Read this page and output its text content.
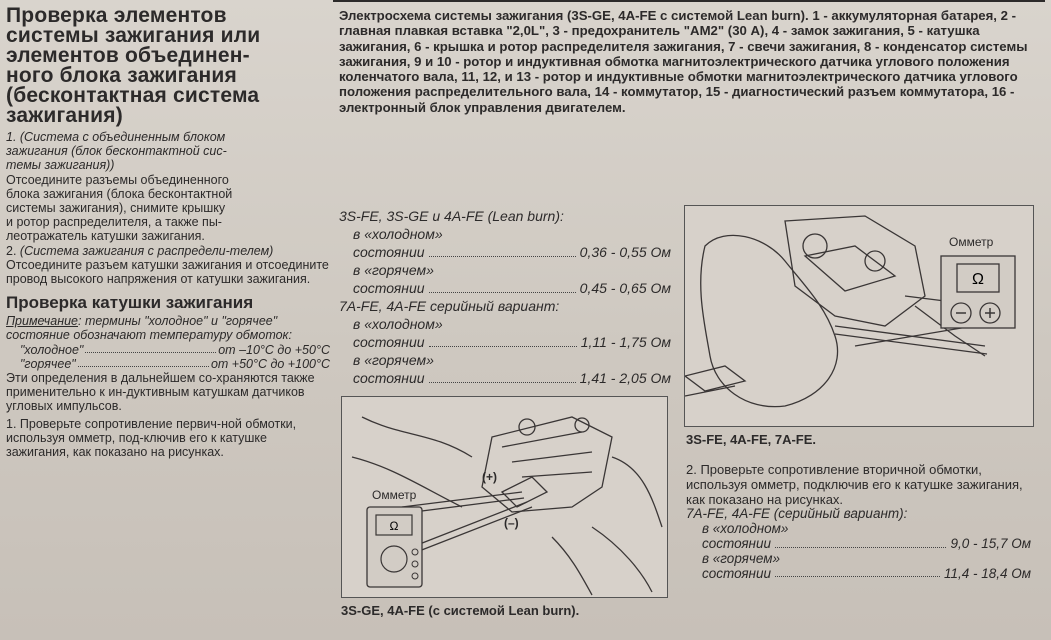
Проверка элементов
системы зажигания или
элементов объединен-
ного блока зажигания
(бесконтактная система
зажигания)
1. (Система с объединенным блоком
зажигания (блок бесконтактной сис-
темы зажигания))
Отсоедините разъемы объединенного
блока зажигания (блока бесконтактной
системы зажигания), снимите крышку
и ротор распределителя, а также пы-
леотражатель катушки зажигания.

2. (Система зажигания с распредели-телем) Отсоедините разъем катушки зажигания и отсоедините провод высокого напряжения от катушки зажигания.

Проверка катушки зажигания

Примечание: термины "холодное" и "горячее" состояние обозначают температуру обмоток:

"холодное"	от –10°С до +50°С
"горячее"	от +50°С до +100°С

Эти определения в дальнейшем со-храняются также применительно к ин-дуктивным катушкам датчиков угловых импульсов.

1. Проверьте сопротивление первич-ной обмотки, используя омметр, под-ключив его к катушке зажигания, как показано на рисунках.

Электросхема системы зажигания (3S-GE, 4А-FE с системой Lean burn). 1 - аккумуляторная батарея, 2 - главная плавкая вставка "2,0L", 3 - предохранитель "АМ2" (30 А), 4 - замок зажигания, 5 - катушка зажигания, 6 - крышка и ротор распределителя зажигания, 7 - свечи зажигания, 8 - конденсатор системы зажигания, 9 и 10 - ротор и индуктивная обмотка магнитоэлектрического датчика углового положения коленчатого вала, 11, 12, и 13 - ротор и индуктивные обмотки магнитоэлектрического датчика углового положения распределительного вала, 14 - коммутатор, 15 - диагностический разъем коммутатора, 16 - электронный блок управления двигателем.
3S-FE, 3S-GE и 4A-FE (Lean burn):
в «холодном»
состоянии	0,36 - 0,55 Ом
в «горячем»
состоянии	0,45 - 0,65 Ом
7A-FE, 4A-FE серийный вариант:
в «холодном»
состоянии	1,11 - 1,75 Ом
в «горячем»
состоянии	1,41 - 2,05 Ом
Ω
Омметр
(+)
(–)
3S-GE, 4A-FE (с системой Lean burn).
Ω
Омметр
3S-FE, 4A-FE, 7A-FE.

2. Проверьте сопротивление вторичной обмотки, используя омметр, подключив его к катушке зажигания, как показано на рисунках.

7A-FE, 4A-FE (серийный вариант):
в «холодном»
состоянии	9,0 - 15,7 Ом
в «горячем»
состоянии	11,4 - 18,4 Ом
